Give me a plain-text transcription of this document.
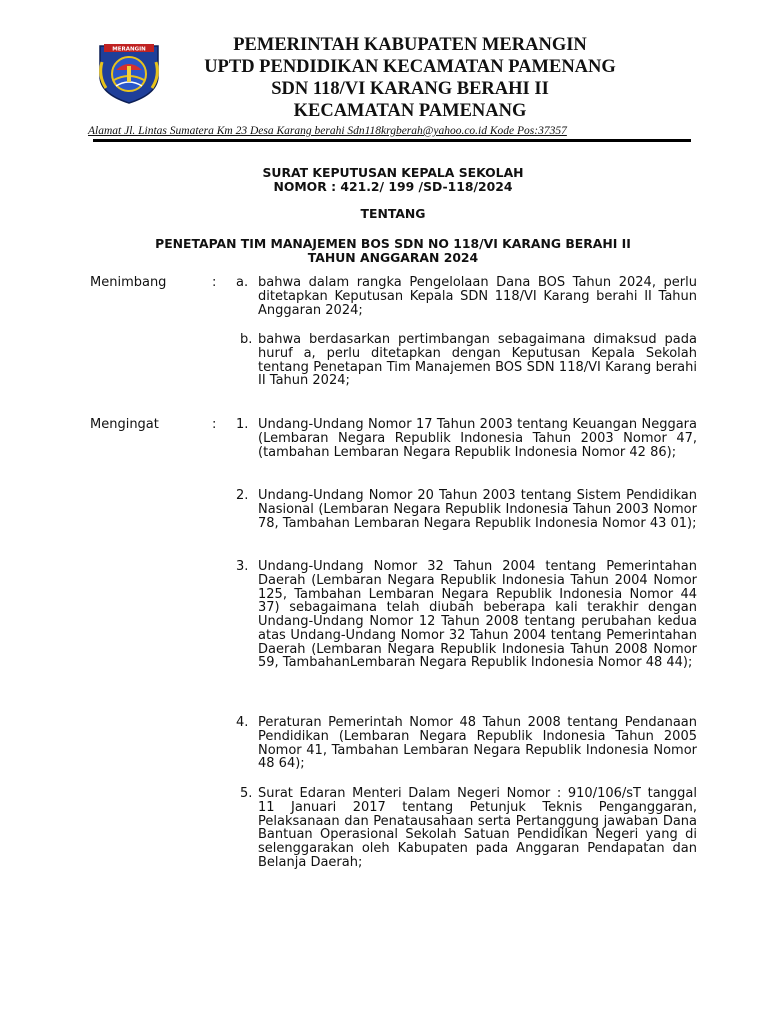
MERANGIN	PEMERINTAH KABUPATEN MERANGIN
UPTD PENDIDIKAN KECAMATAN PAMENANG
SDN 118/VI KARANG BERAHI II
KECAMATAN PAMENANG
Alamat Jl. Lintas Sumatera Km 23 Desa Karang berahi Sdn118krgberah@yahoo.co.id Kode Pos:37357
SURAT KEPUTUSAN KEPALA SEKOLAH
NOMOR : 421.2/ 199 /SD-118/2024
TENTANG
PENETAPAN TIM MANAJEMEN BOS SDN NO 118/VI KARANG BERAHI II
TAHUN ANGGARAN 2024
Menimbang	: a. bahwa dalam rangka Pengelolaan Dana BOS Tahun 2024, perlu ditetapkan Keputusan Kepala SDN 118/VI Karang berahi II Tahun Anggaran 2024;
b. bahwa berdasarkan pertimbangan sebagaimana dimaksud pada huruf a, perlu ditetapkan dengan Keputusan Kepala Sekolah tentang Penetapan Tim Manajemen BOS SDN 118/VI Karang berahi II Tahun 2024;
Mengingat	: 1. Undang-Undang Nomor 17 Tahun 2003 tentang Keuangan Neggara (Lembaran Negara Republik Indonesia Tahun 2003 Nomor 47, (tambahan Lembaran Negara Republik Indonesia Nomor 42 86);
2. Undang-Undang Nomor 20 Tahun 2003 tentang Sistem Pendidikan Nasional (Lembaran Negara Republik Indonesia Tahun 2003 Nomor 78, Tambahan Lembaran Negara Republik Indonesia Nomor 43 01);
3. Undang-Undang Nomor 32 Tahun 2004 tentang Pemerintahan Daerah (Lembaran Negara Republik Indonesia Tahun 2004 Nomor 125, Tambahan Lembaran Negara Republik Indonesia Nomor 44 37) sebagaimana telah diubah beberapa kali terakhir dengan Undang-Undang Nomor 12 Tahun 2008 tentang perubahan kedua atas Undang-Undang Nomor 32 Tahun 2004 tentang Pemerintahan Daerah (Lembaran Negara Republik Indonesia Tahun 2008 Nomor 59, TambahanLembaran Negara Republik Indonesia Nomor 48 44);
4. Peraturan Pemerintah Nomor 48 Tahun 2008 tentang Pendanaan Pendidikan (Lembaran Negara Republik Indonesia Tahun 2005 Nomor 41, Tambahan Lembaran Negara Republik Indonesia Nomor 48 64);
5. Surat Edaran Menteri Dalam Negeri Nomor : 910/106/sT tanggal 11 Januari 2017 tentang Petunjuk Teknis Penganggaran, Pelaksanaan dan Penatausahaan serta Pertanggung jawaban Dana Bantuan Operasional Sekolah Satuan Pendidikan Negeri yang di selenggarakan oleh Kabupaten pada Anggaran Pendapatan dan Belanja Daerah;
